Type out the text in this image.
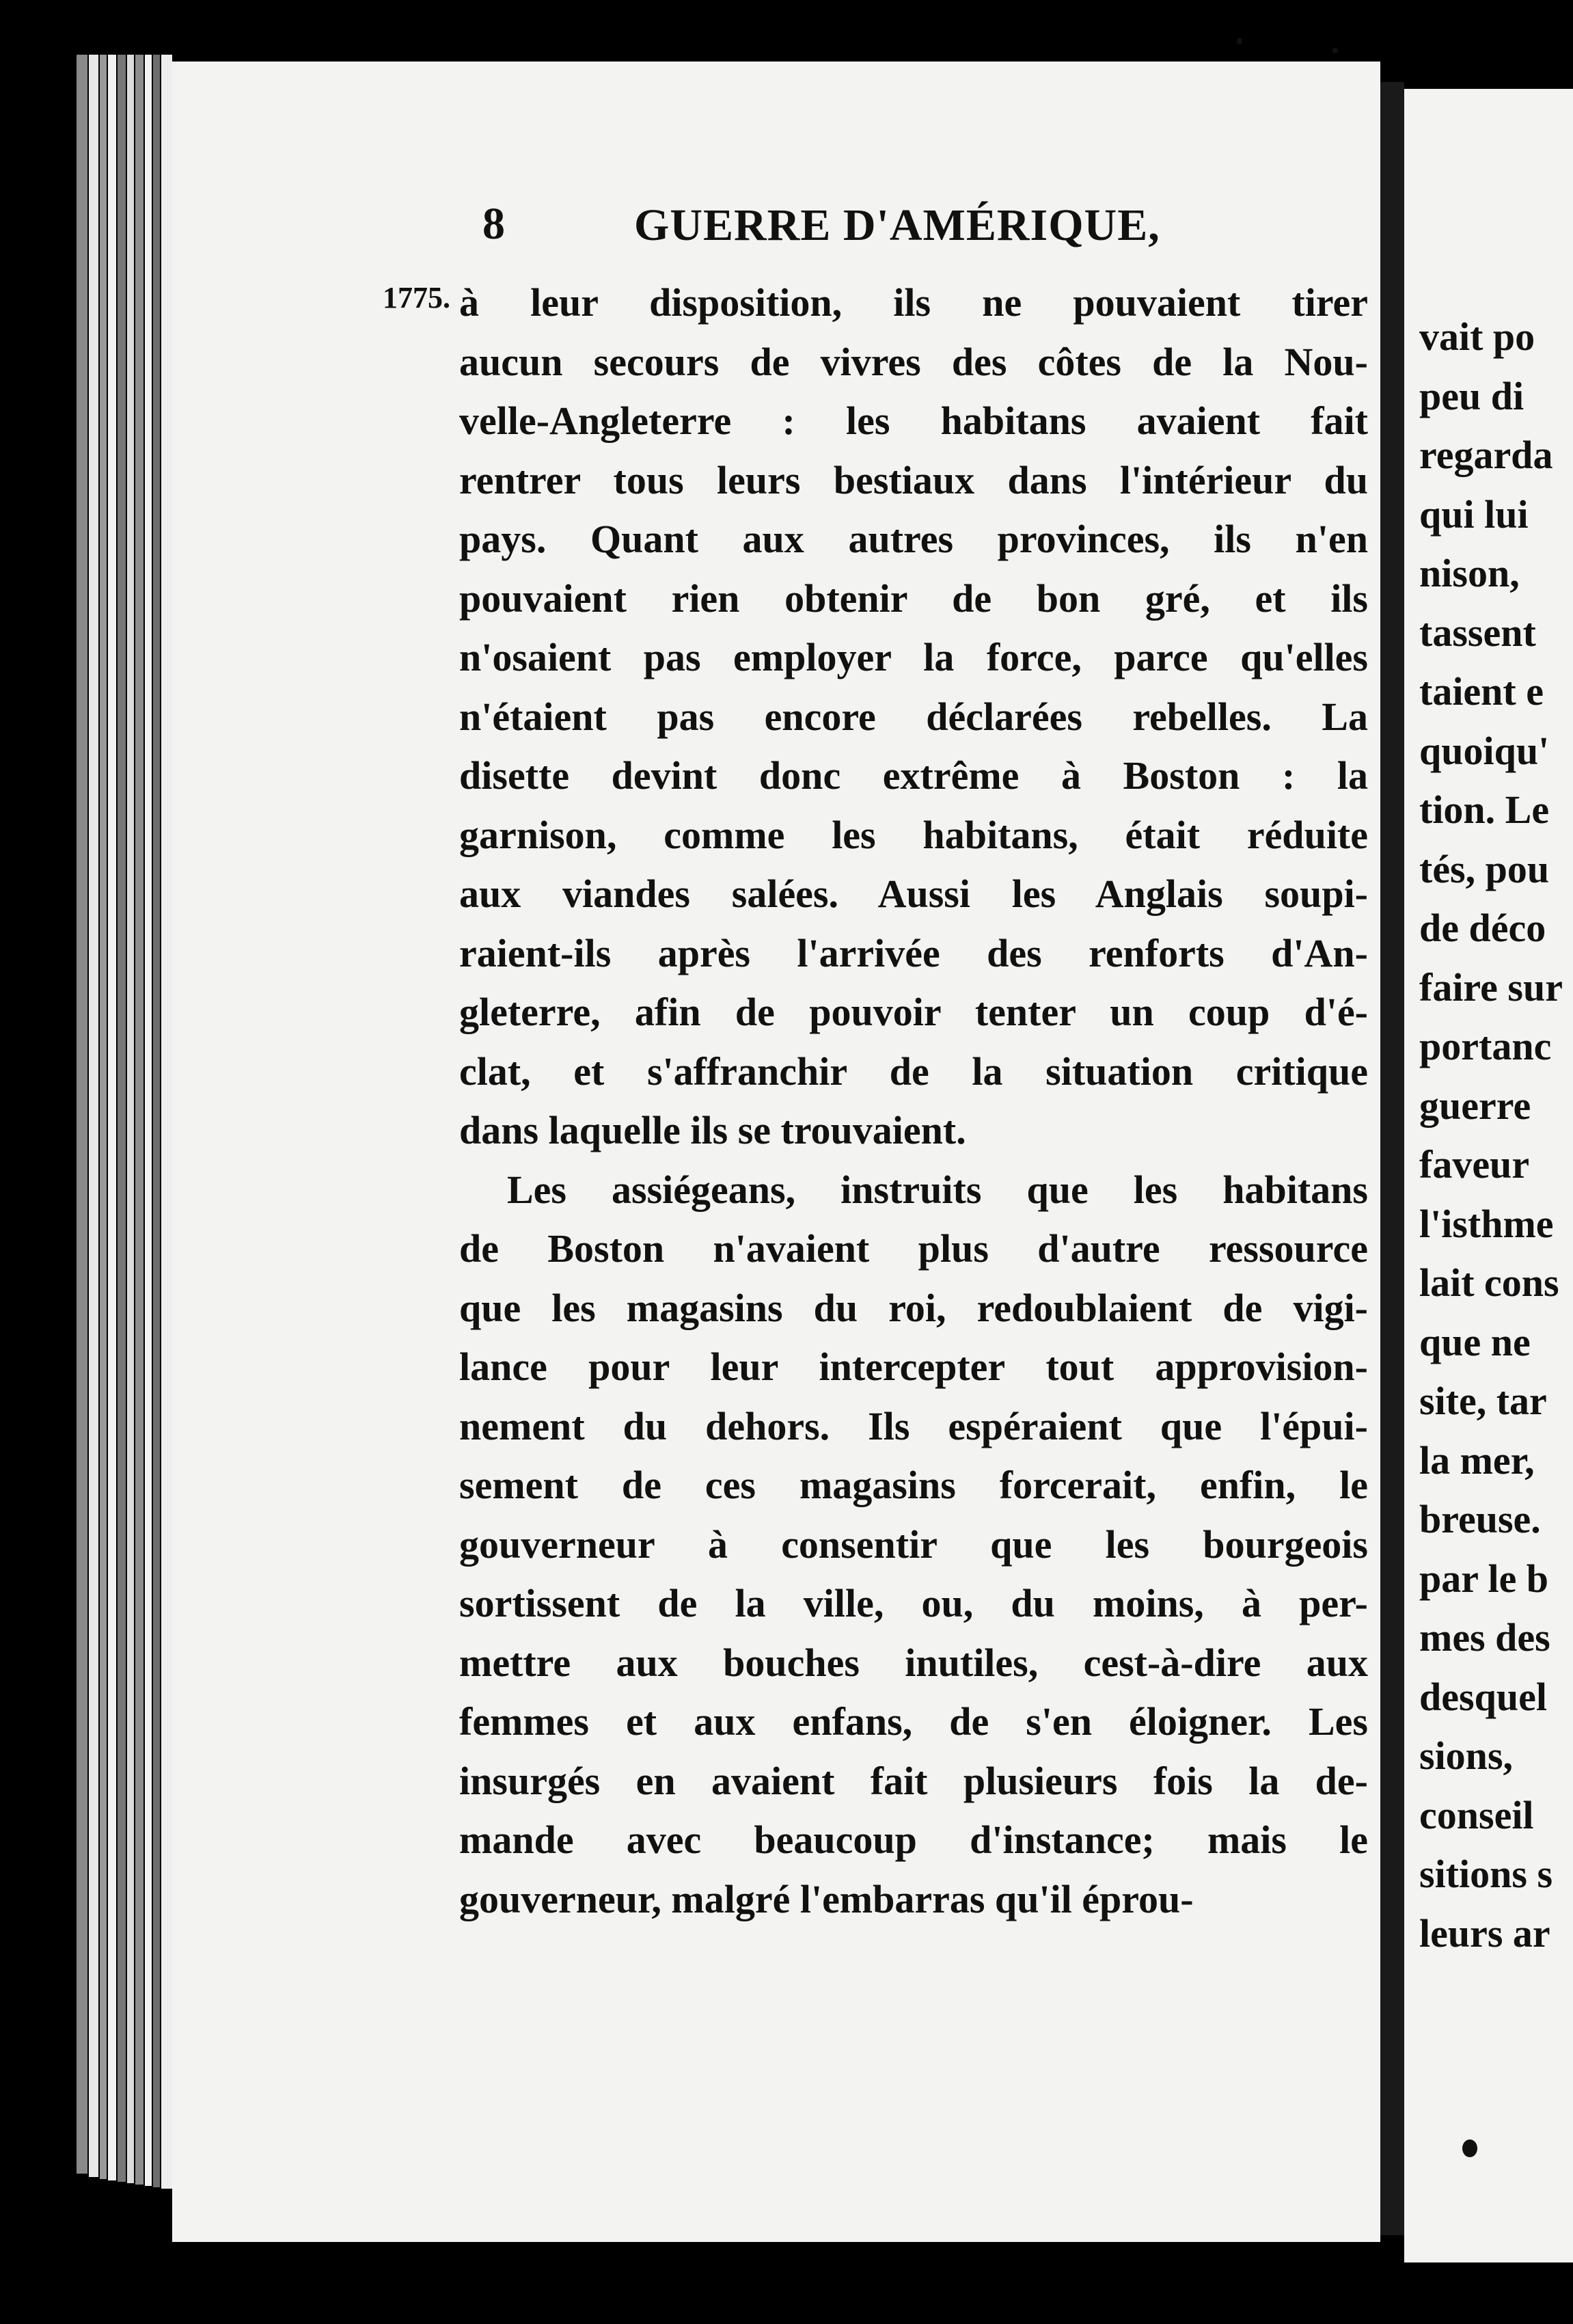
vait po
peu di
regarda
qui lui
nison,
tassent
taient e
quoiqu'
tion. Le
tés, pou
de déco
faire sur
portanc
guerre
faveur
l'isthme
lait cons
que ne
site, tar
la mer,
breuse.
par le b
mes des
desquel
sions,
conseil
sitions s
leurs ar
8	GUERRE D'AMÉRIQUE,
1775. à leur disposition, ils ne pouvaient tirer
aucun secours de vivres des côtes de la Nou-
velle-Angleterre : les habitans avaient fait
rentrer tous leurs bestiaux dans l'intérieur du
pays. Quant aux autres provinces, ils n'en
pouvaient rien obtenir de bon gré, et ils
n'osaient pas employer la force, parce qu'elles
n'étaient pas encore déclarées rebelles. La
disette devint donc extrême à Boston : la
garnison, comme les habitans, était réduite
aux viandes salées. Aussi les Anglais soupi-
raient-ils après l'arrivée des renforts d'An-
gleterre, afin de pouvoir tenter un coup d'é-
clat, et s'affranchir de la situation critique
dans laquelle ils se trouvaient.
Les assiégeans, instruits que les habitans
de Boston n'avaient plus d'autre ressource
que les magasins du roi, redoublaient de vigi-
lance pour leur intercepter tout approvision-
nement du dehors. Ils espéraient que l'épui-
sement de ces magasins forcerait, enfin, le
gouverneur à consentir que les bourgeois
sortissent de la ville, ou, du moins, à per-
mettre aux bouches inutiles, cest-à-dire aux
femmes et aux enfans, de s'en éloigner. Les
insurgés en avaient fait plusieurs fois la de-
mande avec beaucoup d'instance; mais le
gouverneur, malgré l'embarras qu'il éprou-
